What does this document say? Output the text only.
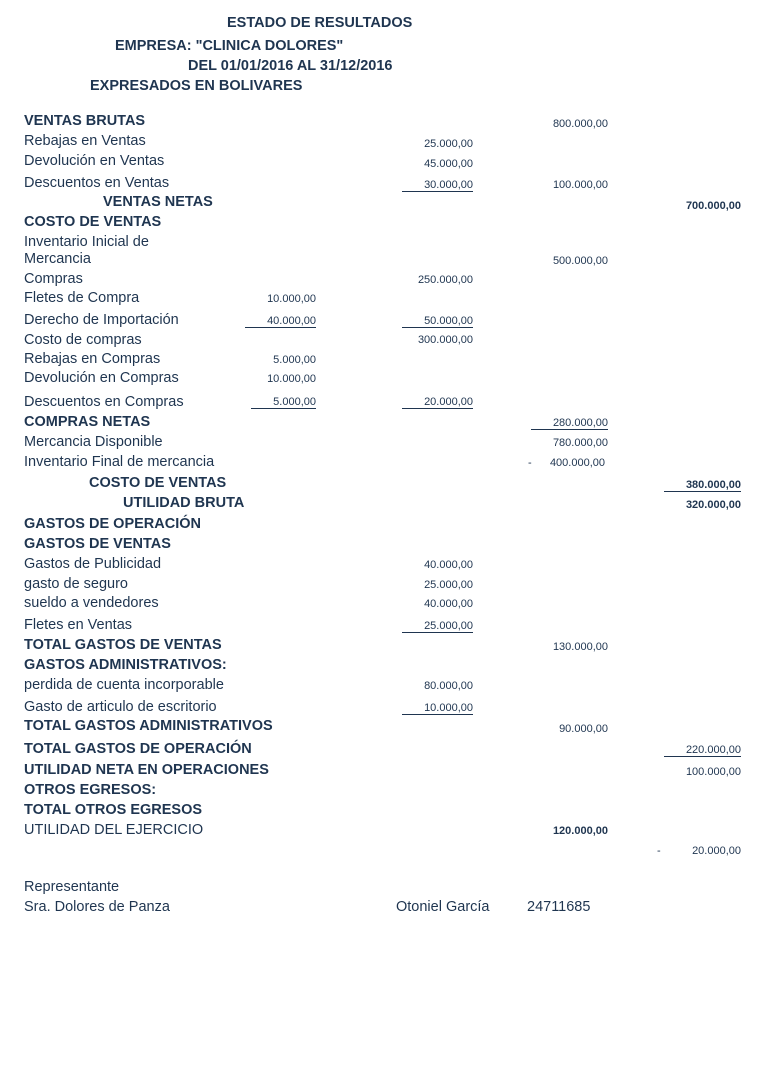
ESTADO DE RESULTADOS
EMPRESA: "CLINICA DOLORES"
DEL 01/01/2016 AL 31/12/2016
EXPRESADOS EN BOLIVARES
VENTAS BRUTAS	800.000,00
Rebajas en Ventas	25.000,00
Devolución en Ventas	45.000,00
Descuentos en Ventas	30.000,00	100.000,00
VENTAS NETAS	700.000,00
COSTO DE VENTAS
Inventario Inicial de
Mercancia	500.000,00
Compras	250.000,00
Fletes de Compra	10.000,00
Derecho de Importación	40.000,00	50.000,00
Costo de compras	300.000,00
Rebajas en Compras	5.000,00
Devolución en Compras	10.000,00
Descuentos en Compras	5.000,00	20.000,00
COMPRAS NETAS	280.000,00
Mercancia Disponible	780.000,00
Inventario Final de mercancia	- 400.000,00
COSTO DE VENTAS	380.000,00
UTILIDAD BRUTA	320.000,00
GASTOS DE OPERACIÓN
GASTOS DE VENTAS
Gastos de Publicidad	40.000,00
gasto de seguro	25.000,00
sueldo a vendedores	40.000,00
Fletes en Ventas	25.000,00
TOTAL GASTOS DE VENTAS	130.000,00
GASTOS ADMINISTRATIVOS:
perdida de cuenta incorporable	80.000,00
Gasto de articulo de escritorio	10.000,00
TOTAL GASTOS ADMINISTRATIVOS	90.000,00
TOTAL GASTOS DE OPERACIÓN	220.000,00
UTILIDAD NETA EN OPERACIONES	100.000,00
OTROS EGRESOS:
TOTAL OTROS EGRESOS
UTILIDAD DEL EJERCICIO	120.000,00
-	20.000,00
Representante
Sra. Dolores de Panza	Otoniel García	24711685
